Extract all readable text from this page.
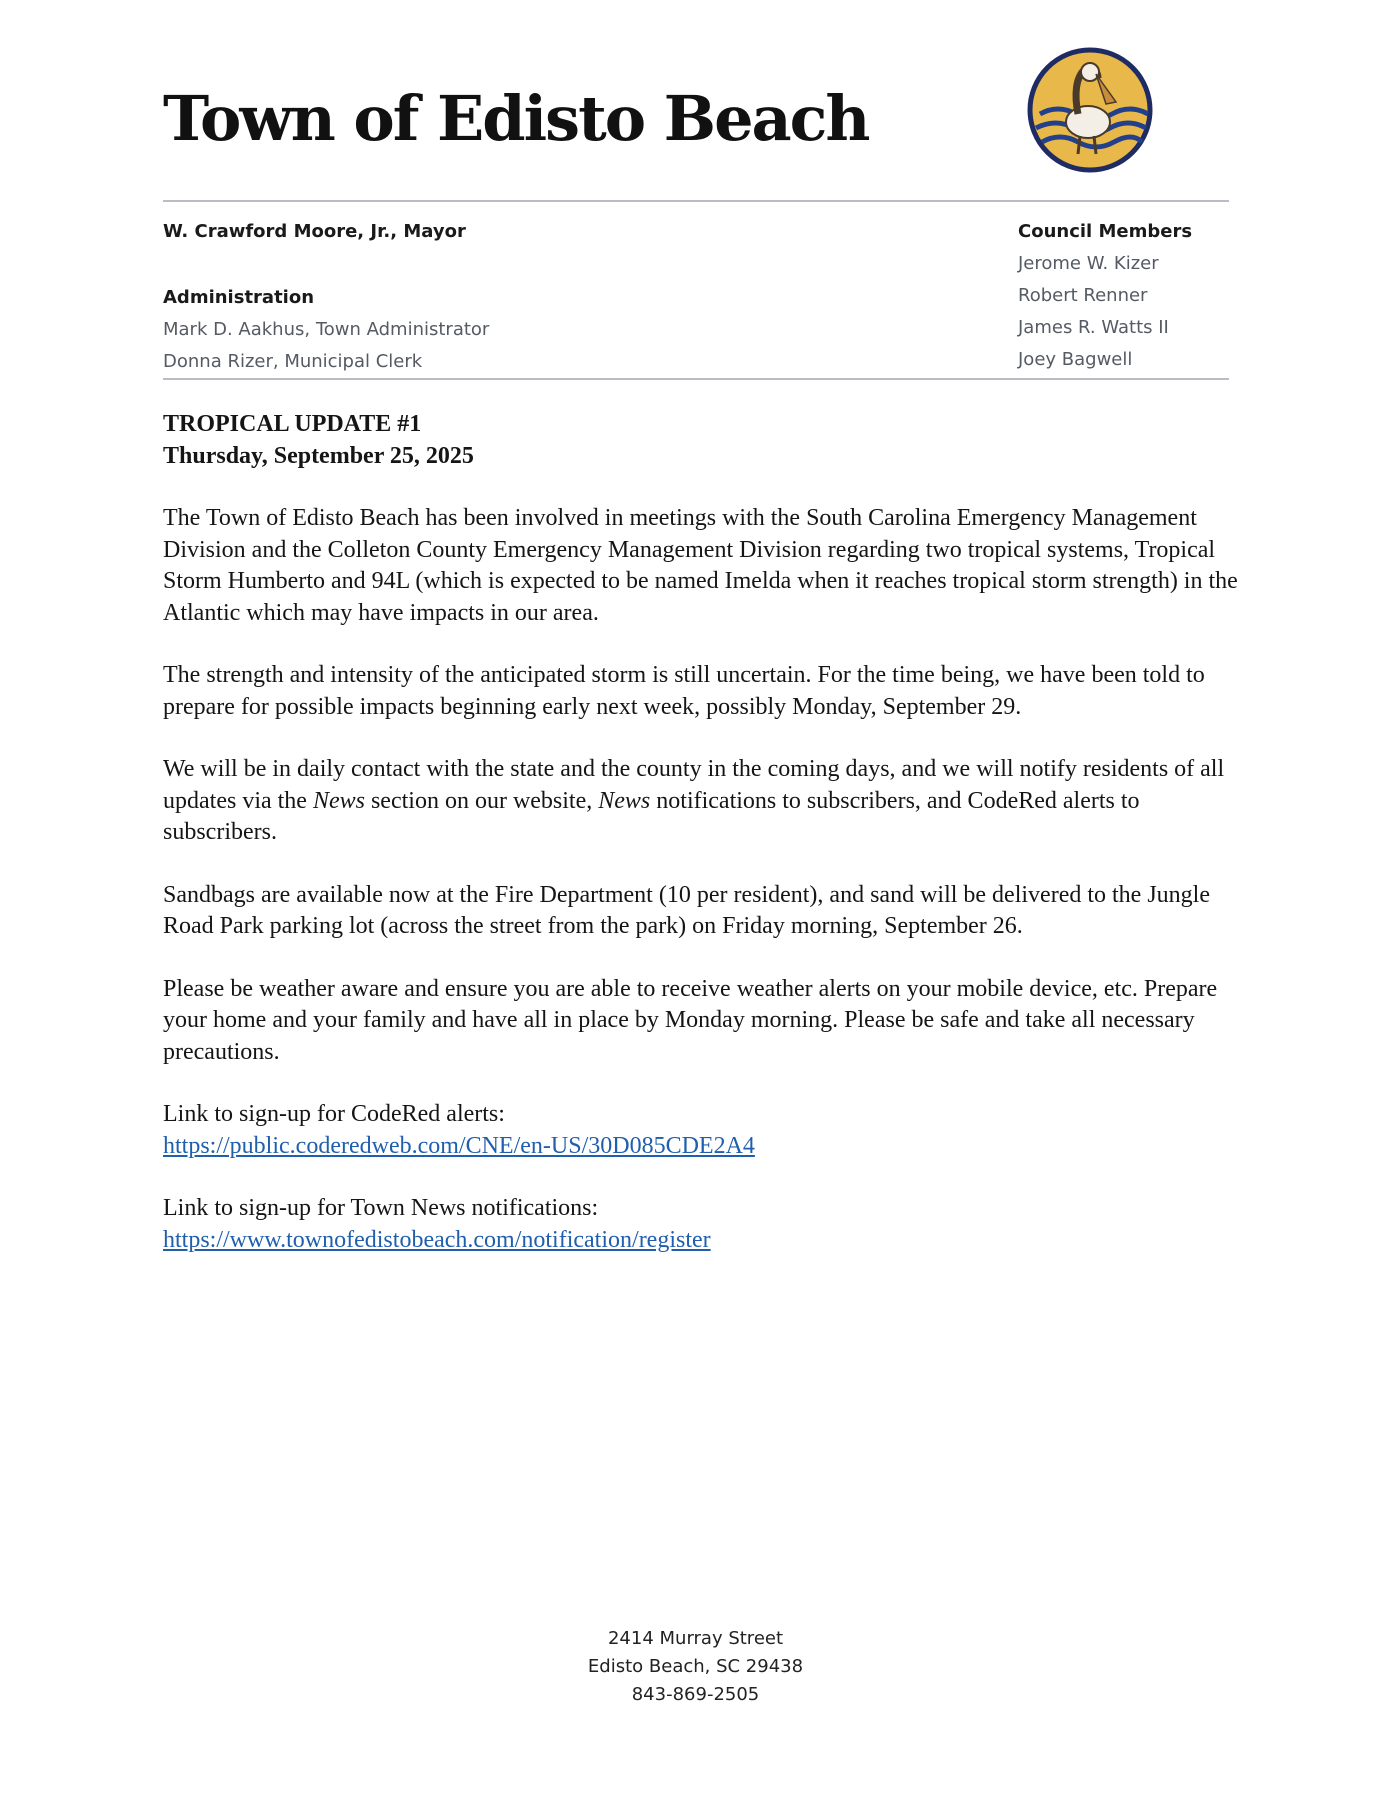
Town of Edisto Beach
W. Crawford Moore, Jr., Mayor
Administration
Mark D. Aakhus, Town Administrator
Donna Rizer, Municipal Clerk
Council Members
Jerome W. Kizer
Robert Renner
James R. Watts II
Joey Bagwell
TROPICAL UPDATE #1
Thursday, September 25, 2025

The Town of Edisto Beach has been involved in meetings with the South Carolina Emergency Management Division and the Colleton County Emergency Management Division regarding two tropical systems, Tropical Storm Humberto and 94L (which is expected to be named Imelda when it reaches tropical storm strength) in the Atlantic which may have impacts in our area.

The strength and intensity of the anticipated storm is still uncertain. For the time being, we have been told to prepare for possible impacts beginning early next week, possibly Monday, September 29.

We will be in daily contact with the state and the county in the coming days, and we will notify residents of all updates via the News section on our website, News notifications to subscribers, and CodeRed alerts to subscribers.

Sandbags are available now at the Fire Department (10 per resident), and sand will be delivered to the Jungle Road Park parking lot (across the street from the park) on Friday morning, September 26.

Please be weather aware and ensure you are able to receive weather alerts on your mobile device, etc. Prepare your home and your family and have all in place by Monday morning. Please be safe and take all necessary precautions.

Link to sign-up for CodeRed alerts:
https://public.coderedweb.com/CNE/en-US/30D085CDE2A4

Link to sign-up for Town News notifications:
https://www.townofedistobeach.com/notification/register

2414 Murray Street
Edisto Beach, SC 29438
843-869-2505
